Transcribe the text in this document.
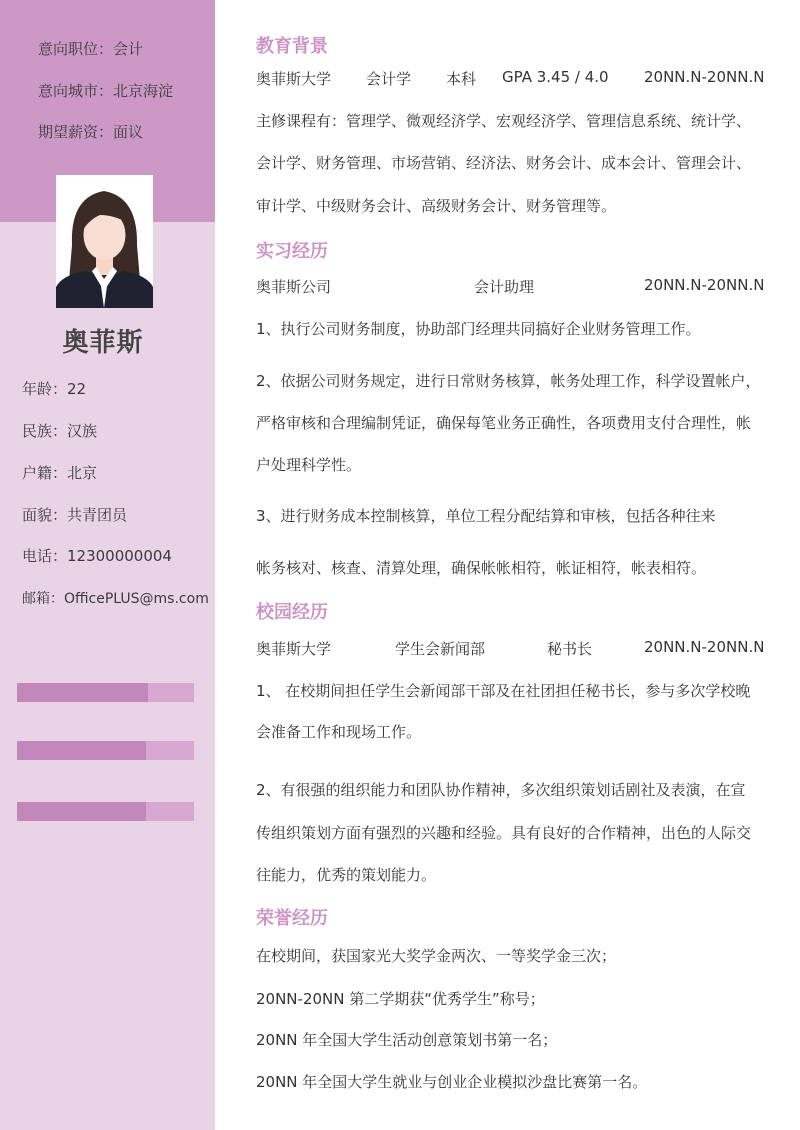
意向职位：会计
意向城市：北京海淀
期望薪资：面议
奥菲斯
年龄：22
民族：汉族
户籍：北京
面貌：共青团员
电话：12300000004
邮箱：OfficePLUS@ms.com
教育背景
奥菲斯大学 会计学 本科 GPA 3.45 / 4.0 20NN.N-20NN.N
主修课程有：管理学、微观经济学、宏观经济学、管理信息系统、统计学、
会计学、财务管理、市场营销、经济法、财务会计、成本会计、管理会计、
审计学、中级财务会计、高级财务会计、财务管理等。
实习经历
奥菲斯公司	会计助理	20NN.N-20NN.N
1、执行公司财务制度，协助部门经理共同搞好企业财务管理工作。
2、依据公司财务规定，进行日常财务核算，帐务处理工作，科学设置帐户，
严格审核和合理编制凭证，确保每笔业务正确性，各项费用支付合理性，帐
户处理科学性。
3、进行财务成本控制核算，单位工程分配结算和审核，包括各种往来
帐务核对、核查、清算处理，确保帐帐相符，帐证相符，帐表相符。
校园经历
奥菲斯大学	学生会新闻部	秘书长	20NN.N-20NN.N
1、 在校期间担任学生会新闻部干部及在社团担任秘书长，参与多次学校晚
会准备工作和现场工作。
2、有很强的组织能力和团队协作精神，多次组织策划话剧社及表演，在宣
传组织策划方面有强烈的兴趣和经验。具有良好的合作精神，出色的人际交
往能力，优秀的策划能力。
荣誉经历
在校期间，获国家光大奖学金两次、一等奖学金三次；
20NN-20NN 第二学期获“优秀学生”称号；
20NN 年全国大学生活动创意策划书第一名；
20NN 年全国大学生就业与创业企业模拟沙盘比赛第一名。
